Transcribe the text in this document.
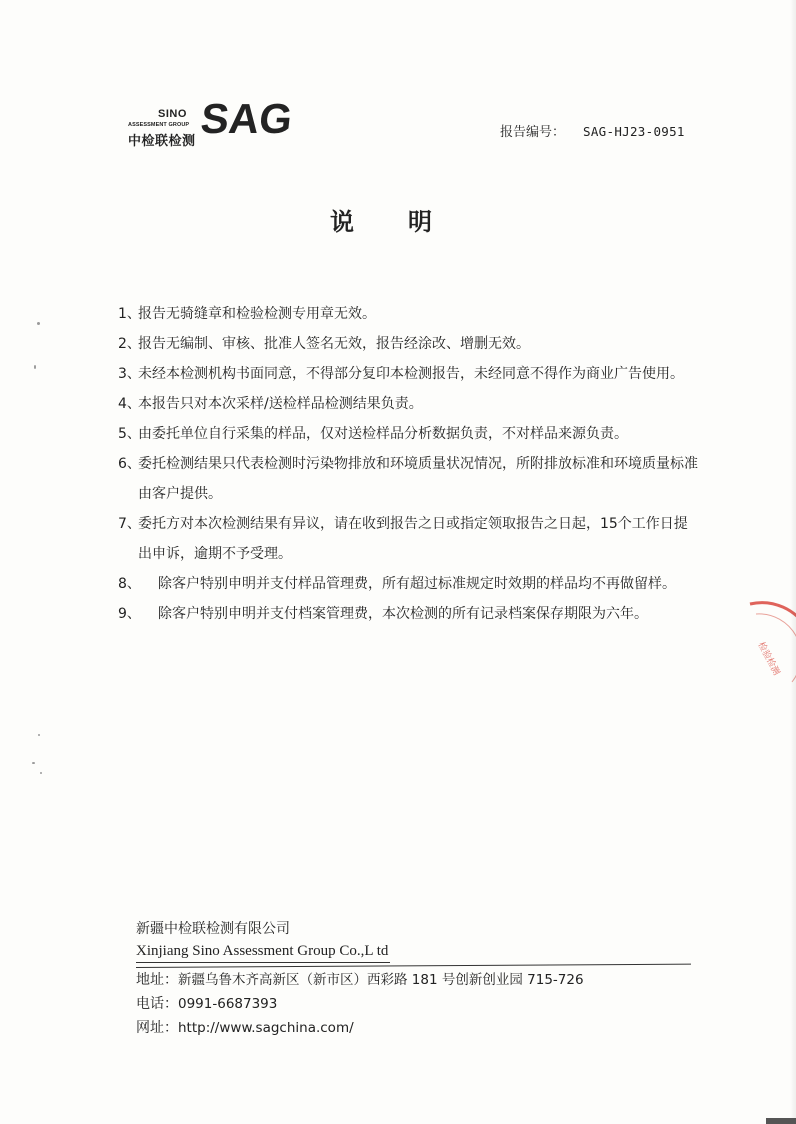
SINO
ASSESSMENT GROUP
中检联检测 SAG	报告编号： SAG-HJ23-0951
说明
1、
报告无骑缝章和检验检测专用章无效。
2、
报告无编制、审核、批准人签名无效，报告经涂改、增删无效。
3、
未经本检测机构书面同意，不得部分复印本检测报告，未经同意不得作为商业广告使用。
4、
本报告只对本次采样/送检样品检测结果负责。
5、
由委托单位自行采集的样品，仅对送检样品分析数据负责，不对样品来源负责。
6、
委托检测结果只代表检测时污染物排放和环境质量状况情况，所附排放标准和环境质量标准由客户提供。
7、
委托方对本次检测结果有异议，请在收到报告之日或指定领取报告之日起，15个工作日提出申诉，逾期不予受理。
8、 除客户特别申明并支付样品管理费，所有超过标准规定时效期的样品均不再做留样。
9、 除客户特别申明并支付档案管理费，本次检测的所有记录档案保存期限为六年。
新疆中检联检测有限公司
Xinjiang Sino Assessment Group Co.,L td
地址：新疆乌鲁木齐高新区（新市区）西彩路 181 号创新创业园 715-726
电话：0991-6687393
网址：http://www.sagchina.com/
检验检测
